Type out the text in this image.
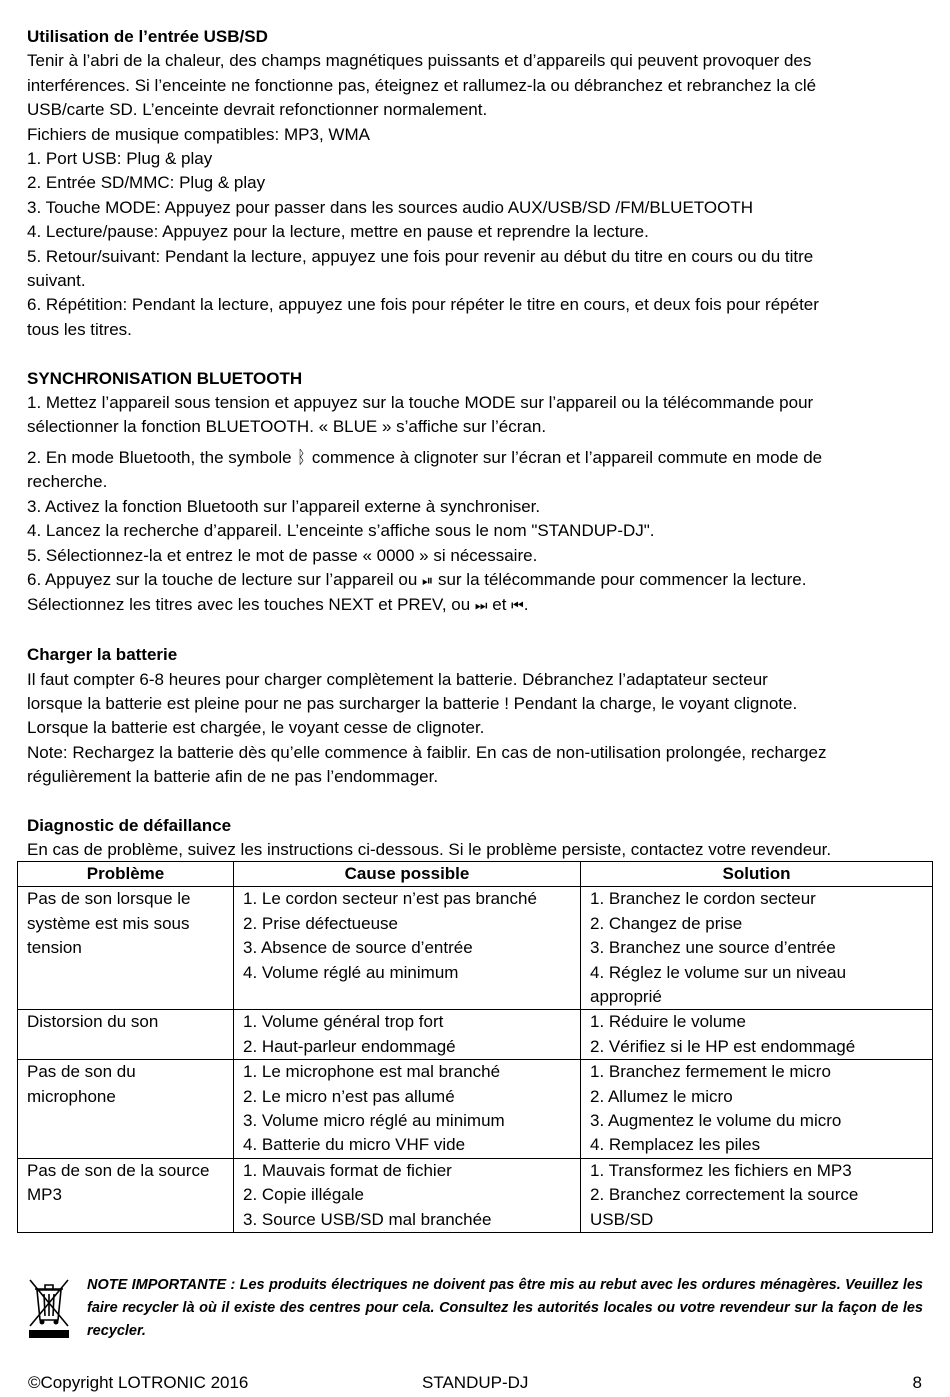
Utilisation de l’entrée USB/SD
Tenir à l’abri de la chaleur, des champs magnétiques puissants et d’appareils qui peuvent provoquer des
interférences. Si l’enceinte ne fonctionne pas, éteignez et rallumez-la ou débranchez et rebranchez la clé
USB/carte SD. L’enceinte devrait refonctionner normalement.
Fichiers de musique compatibles: MP3, WMA
1. Port USB: Plug & play
2. Entrée SD/MMC: Plug & play
3. Touche MODE: Appuyez pour passer dans les sources audio AUX/USB/SD /FM/BLUETOOTH
4. Lecture/pause: Appuyez pour la lecture, mettre en pause et reprendre la lecture.
5. Retour/suivant: Pendant la lecture, appuyez une fois pour revenir au début du titre en cours ou du titre
suivant.
6. Répétition: Pendant la lecture, appuyez une fois pour répéter le titre en cours, et deux fois pour répéter
tous les titres.
SYNCHRONISATION BLUETOOTH
1. Mettez l’appareil sous tension et appuyez sur la touche MODE sur l’appareil ou la télécommande pour
sélectionner la fonction BLUETOOTH. « BLUE » s’affiche sur l’écran.
2. En mode Bluetooth, the symbole ᛒ commence à clignoter sur l’écran et l’appareil commute en mode de
recherche.
3. Activez la fonction Bluetooth sur l’appareil externe à synchroniser.
4. Lancez la recherche d’appareil. L’enceinte s’affiche sous le nom "STANDUP-DJ".
5. Sélectionnez-la et entrez le mot de passe « 0000 » si nécessaire.
6. Appuyez sur la touche de lecture sur l’appareil ou ⏯ sur la télécommande pour commencer la lecture.
Sélectionnez les titres avec les touches NEXT et PREV, ou ⏭ et ⏮.
Charger la batterie
Il faut compter 6-8 heures pour charger complètement la batterie. Débranchez l’adaptateur secteur
lorsque la batterie est pleine pour ne pas surcharger la batterie ! Pendant la charge, le voyant clignote.
Lorsque la batterie est chargée, le voyant cesse de clignoter.
Note: Rechargez la batterie dès qu’elle commence à faiblir. En cas de non-utilisation prolongée, rechargez
régulièrement la batterie afin de ne pas l’endommager.
Diagnostic de défaillance
En cas de problème, suivez les instructions ci-dessous. Si le problème persiste, contactez votre revendeur.
Problème	Cause possible	Solution

Pas de son lorsque le
système est mis sous
tension	1. Le cordon secteur n’est pas branché
2. Prise défectueuse
3. Absence de source d’entrée
4. Volume réglé au minimum	1. Branchez le cordon secteur
2. Changez de prise
3. Branchez une source d’entrée
4. Réglez le volume sur un niveau
approprié

Distorsion du son	1. Volume général trop fort
2. Haut-parleur endommagé	1. Réduire le volume
2. Vérifiez si le HP est endommagé

Pas de son du
microphone	1. Le microphone est mal branché
2. Le micro n’est pas allumé
3. Volume micro réglé au minimum
4. Batterie du micro VHF vide	1. Branchez fermement le micro
2. Allumez le micro
3. Augmentez le volume du micro
4. Remplacez les piles

Pas de son de la source
MP3	1. Mauvais format de fichier
2. Copie illégale
3. Source USB/SD mal branchée	1. Transformez les fichiers en MP3
2. Branchez correctement la source
USB/SD
NOTE IMPORTANTE : Les produits électriques ne doivent pas être mis au rebut avec les ordures ménagères. Veuillez les faire recycler là où il existe des centres pour cela. Consultez les autorités locales ou votre revendeur sur la façon de les recycler.
©Copyright LOTRONIC 2016	STANDUP-DJ	8
